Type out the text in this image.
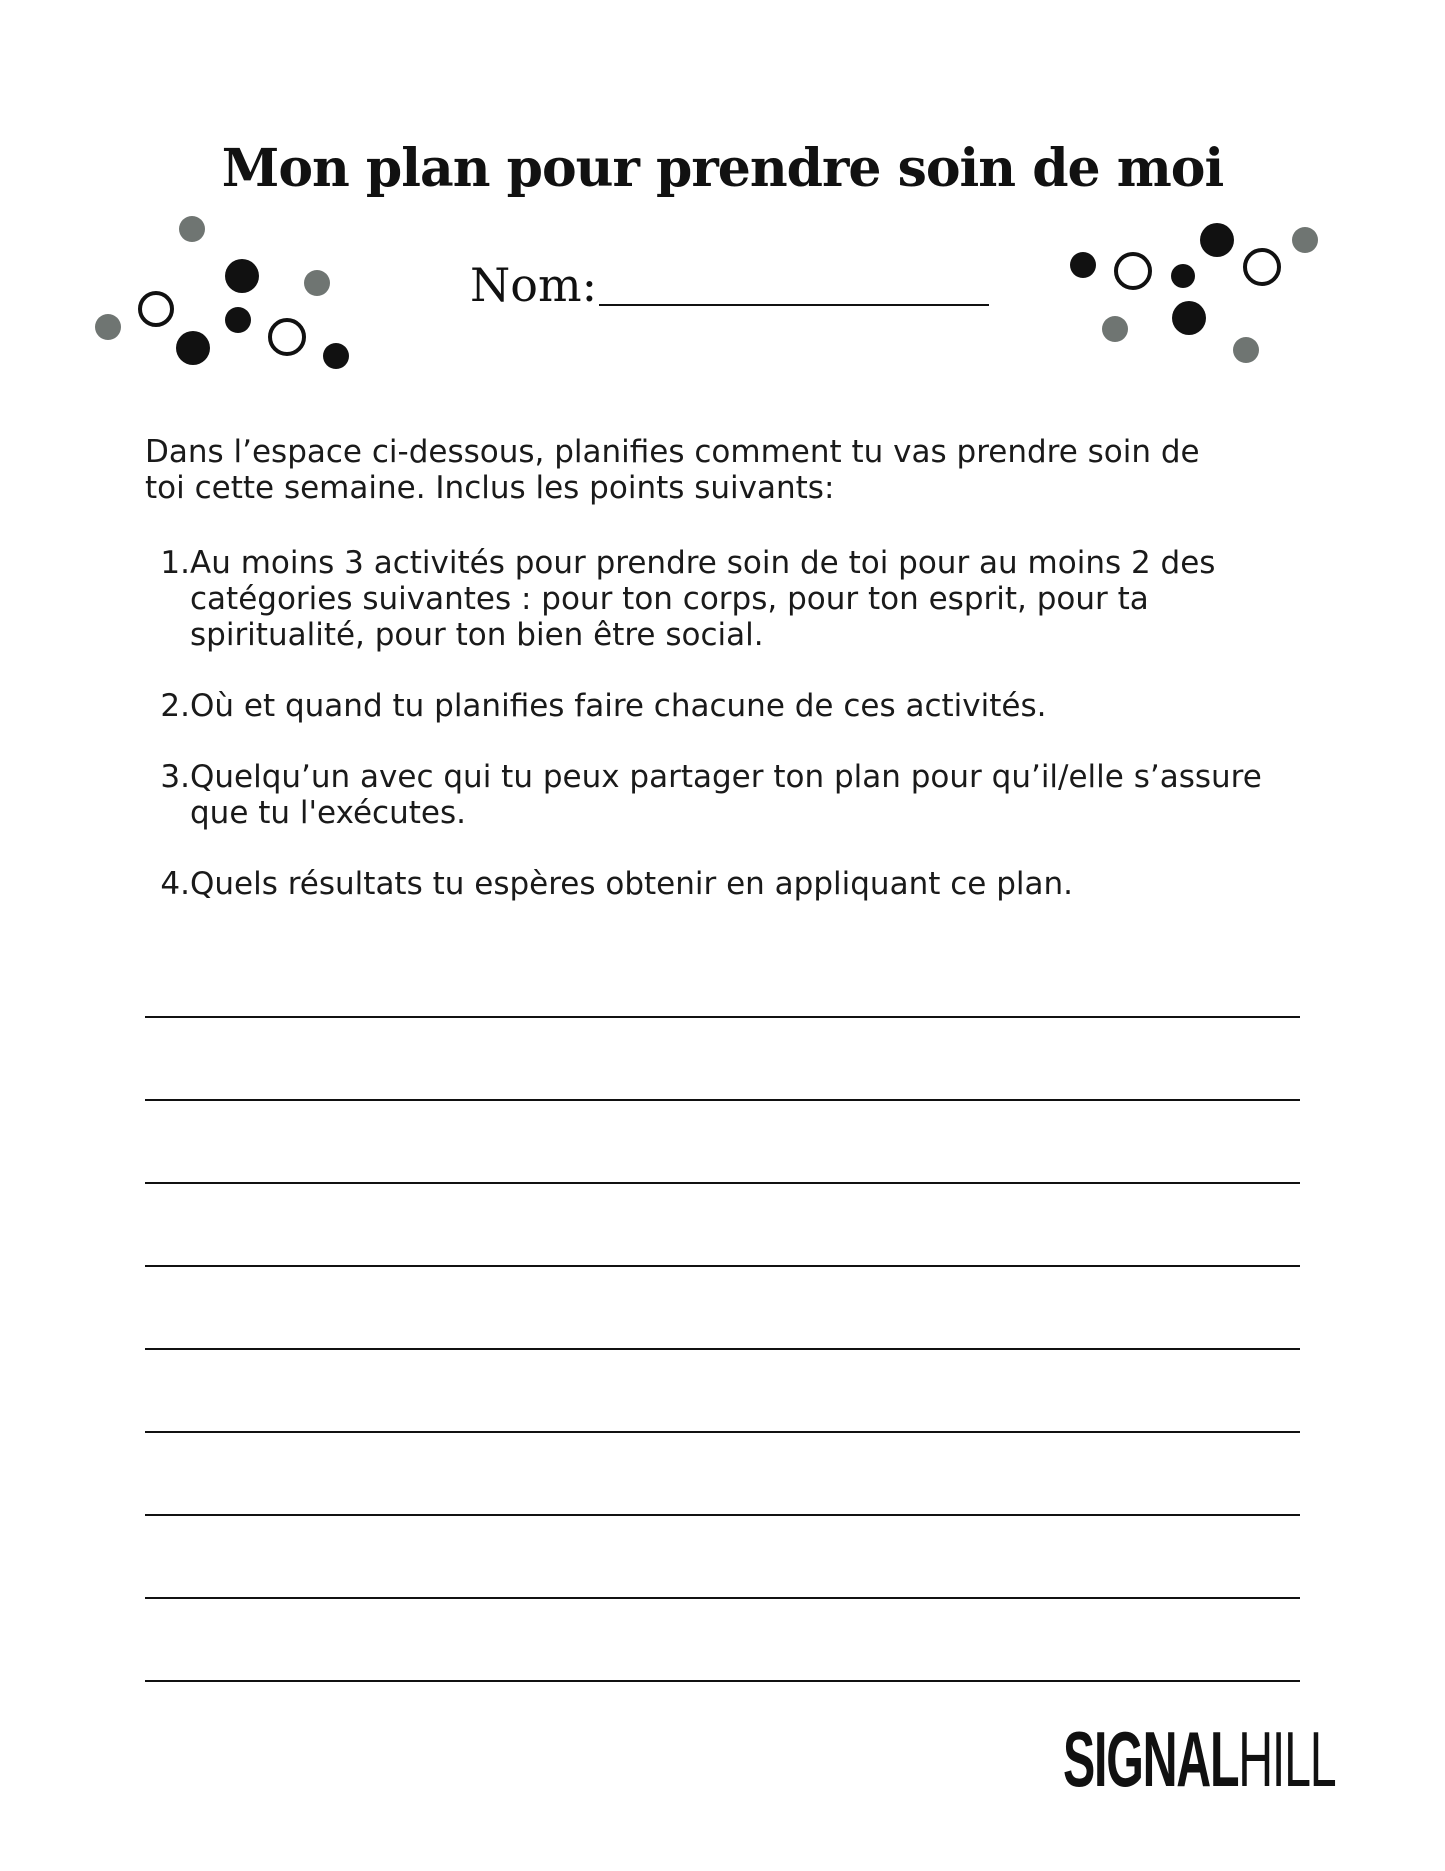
Mon plan pour prendre soin de moi
Nom:

Dans l’espace ci-dessous, planifies comment tu vas prendre soin de toi cette semaine. Inclus les points suivants:

1. Au moins 3 activités pour prendre soin de toi pour au moins 2 des catégories suivantes : pour ton corps, pour ton esprit, pour ta spiritualité, pour ton bien être social.
2. Où et quand tu planifies faire chacune de ces activités.
3. Quelqu’un avec qui tu peux partager ton plan pour qu’il/elle s’assure que tu l'exécutes.
4. Quels résultats tu espères obtenir en appliquant ce plan.
SIGNALHILL
